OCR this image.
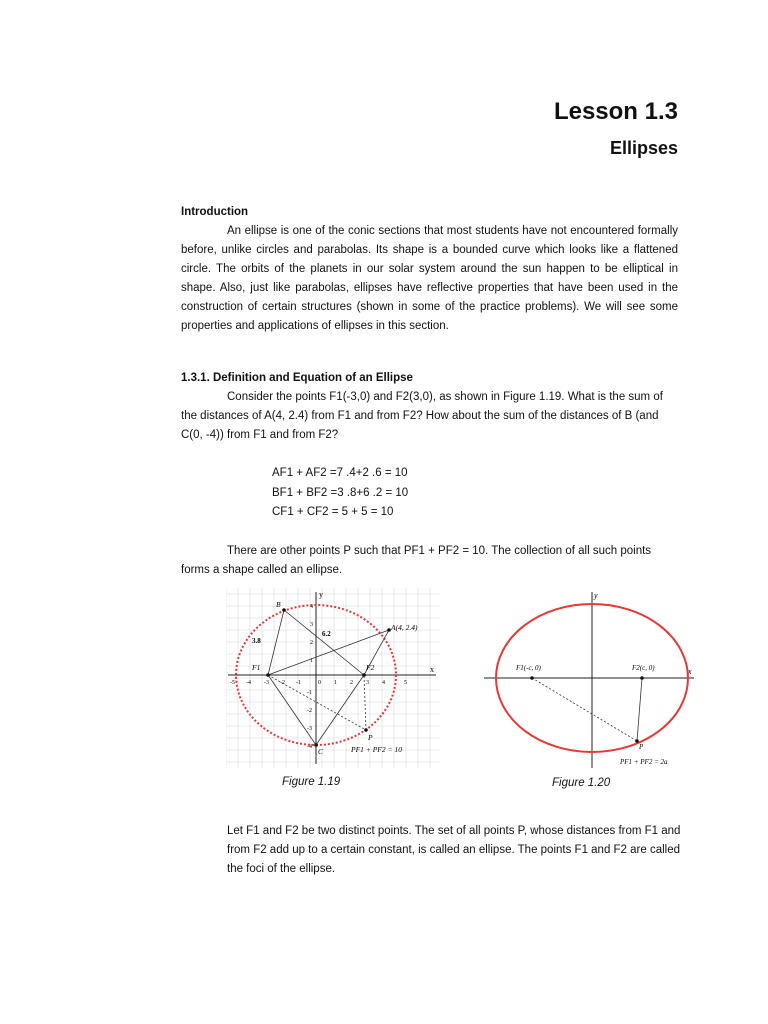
Lesson 1.3
Ellipses
Introduction
An ellipse is one of the conic sections that most students have not encountered formally before, unlike circles and parabolas. Its shape is a bounded curve which looks like a flattened circle. The orbits of the planets in our solar system around the sun happen to be elliptical in shape. Also, just like parabolas, ellipses have reflective properties that have been used in the construction of certain structures (shown in some of the practice problems). We will see some properties and applications of ellipses in this section.
1.3.1. Definition and Equation of an Ellipse
Consider the points F1(-3,0) and F2(3,0), as shown in Figure 1.19. What is the sum of the distances of A(4, 2.4) from F1 and from F2? How about the sum of the distances of B (and C(0, -4)) from F1 and from F2?
AF1 + AF2 =7 .4+2 .6 = 10
BF1 + BF2 =3 .8+6 .2 = 10
CF1 + CF2 = 5 + 5 = 10
There are other points P such that PF1 + PF2 = 10. The collection of all such points forms a shape called an ellipse.
x
y
-5 -4 -3 -2 -1	0 1 2 3 4	5
4
3
2
1
-1
-2
-3
-4
B
A(4, 2.4)
F1	F2
C
P
PF1 + PF2 = 10
3.8
6.2
Figure 1.19
x
y
F1(-c, 0)	F2(c, 0)
P
PF1 + PF2 = 2a
Figure 1.20
Let F1 and F2 be two distinct points. The set of all points P, whose distances from F1 and from F2 add up to a certain constant, is called an ellipse. The points F1 and F2 are called the foci of the ellipse.
